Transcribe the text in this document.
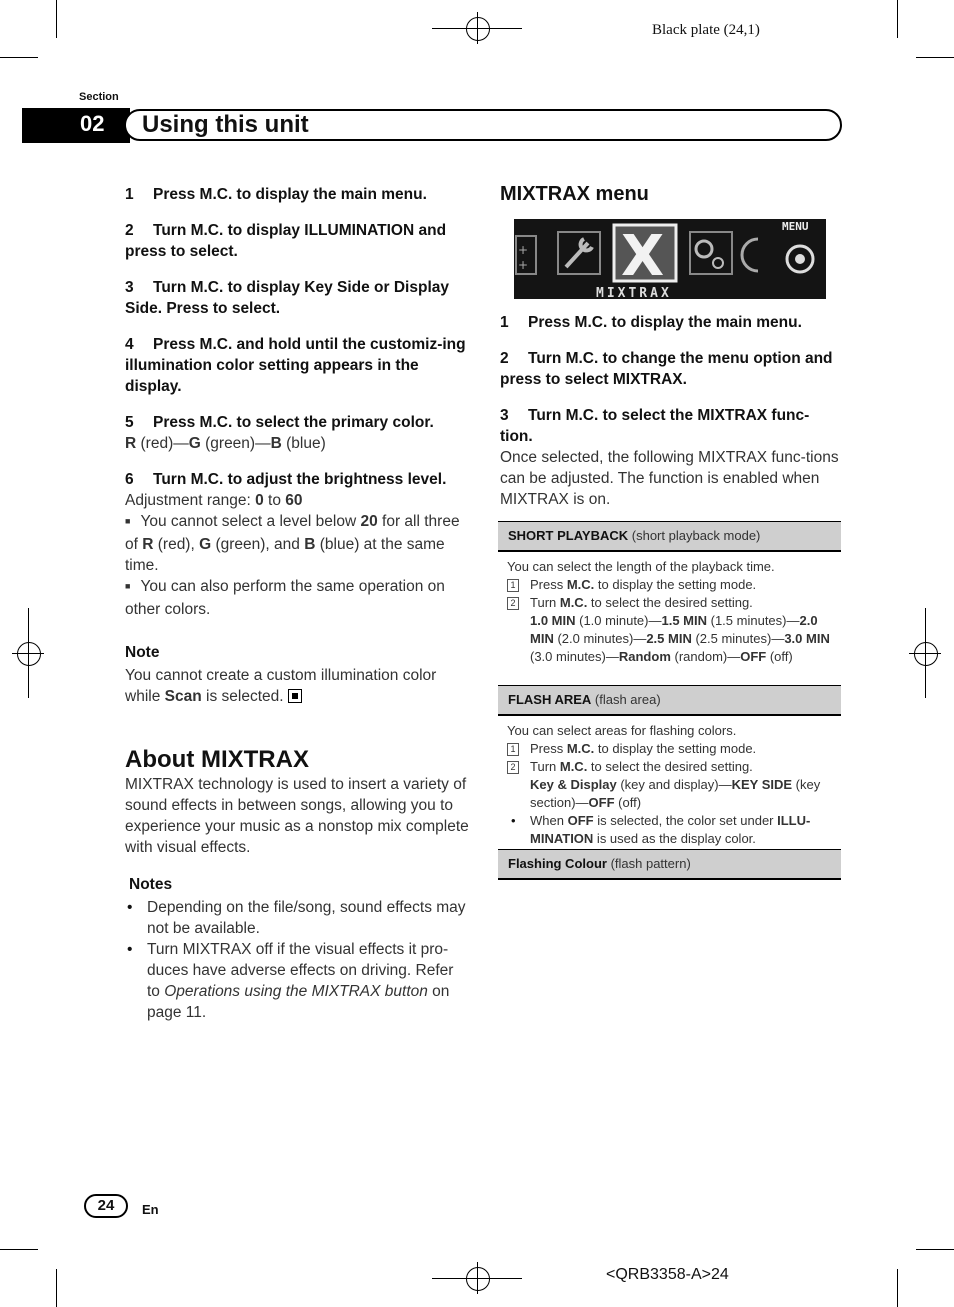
Black plate (24,1)
Section
02 Using this unit
1 Press M.C. to display the main menu.
2 Turn M.C. to display ILLUMINATION and press to select.
3 Turn M.C. to display Key Side or Display Side. Press to select.
4 Press M.C. and hold until the customiz-ing illumination color setting appears in the display.
5 Press M.C. to select the primary color.
R (red)—G (green)—B (blue)
6 Turn M.C. to adjust the brightness level.
Adjustment range: 0 to 60
■ You cannot select a level below 20 for all three of R (red), G (green), and B (blue) at the same time.
■ You can also perform the same operation on other colors.
Note
You cannot create a custom illumination color while Scan is selected.
About MIXTRAX
MIXTRAX technology is used to insert a variety of sound effects in between songs, allowing you to experience your music as a nonstop mix complete with visual effects.
Notes
• Depending on the file/song, sound effects may not be available.
• Turn MIXTRAX off if the visual effects it pro-duces have adverse effects on driving. Refer to Operations using the MIXTRAX button on page 11.
MIXTRAX menu
+
+ X	MENU
MIXTRAX
1 Press M.C. to display the main menu.
2 Turn M.C. to change the menu option and press to select MIXTRAX.
3 Turn M.C. to select the MIXTRAX func-tion.
Once selected, the following MIXTRAX func-tions can be adjusted. The function is enabled when MIXTRAX is on.
SHORT PLAYBACK (short playback mode)
You can select the length of the playback time.
1 Press M.C. to display the setting mode.
2 Turn M.C. to select the desired setting.
1.0 MIN (1.0 minute)—1.5 MIN (1.5 minutes)—2.0 MIN (2.0 minutes)—2.5 MIN (2.5 minutes)—3.0 MIN (3.0 minutes)—Random (random)—OFF (off)
FLASH AREA (flash area)
You can select areas for flashing colors.
1 Press M.C. to display the setting mode.
2 Turn M.C. to select the desired setting.
Key & Display (key and display)—KEY SIDE (key section)—OFF (off)
• When OFF is selected, the color set under ILLU-MINATION is used as the display color.
Flashing Colour (flash pattern)
24	En
<QRB3358-A>24
